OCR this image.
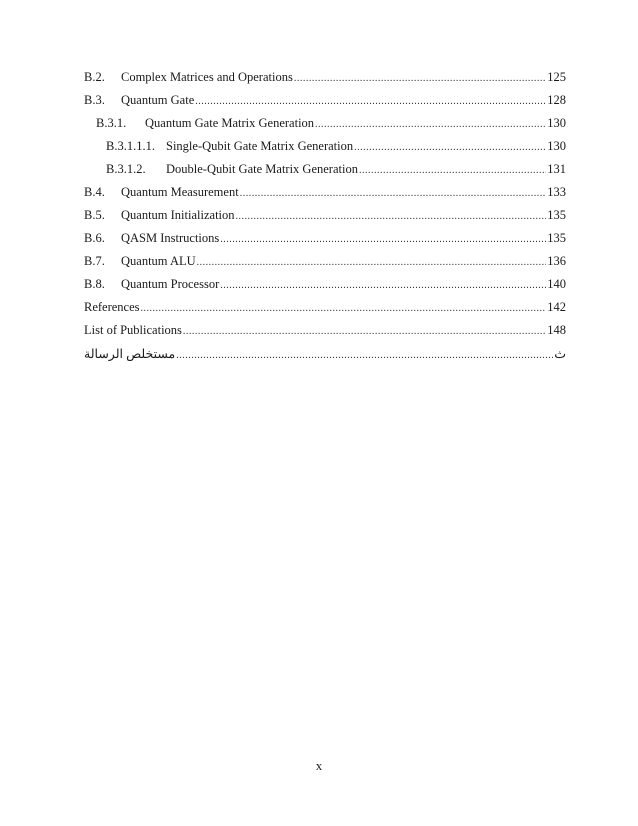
B.2.	Complex Matrices and Operations .....	125
B.3.	Quantum Gate .....	128
B.3.1.	Quantum Gate Matrix Generation .....	130
B.3.1.1.1. Single-Qubit Gate Matrix Generation .....	130
B.3.1.2.	Double-Qubit Gate Matrix Generation .....	131
B.4.	Quantum Measurement .....	133
B.5.	Quantum Initialization .....	135
B.6.	QASM Instructions .....	135
B.7.	Quantum ALU .....	136
B.8.	Quantum Processor .....	140
References .....	142
List of Publications .....	148
مستخلص الرسالة .....	ث
x
